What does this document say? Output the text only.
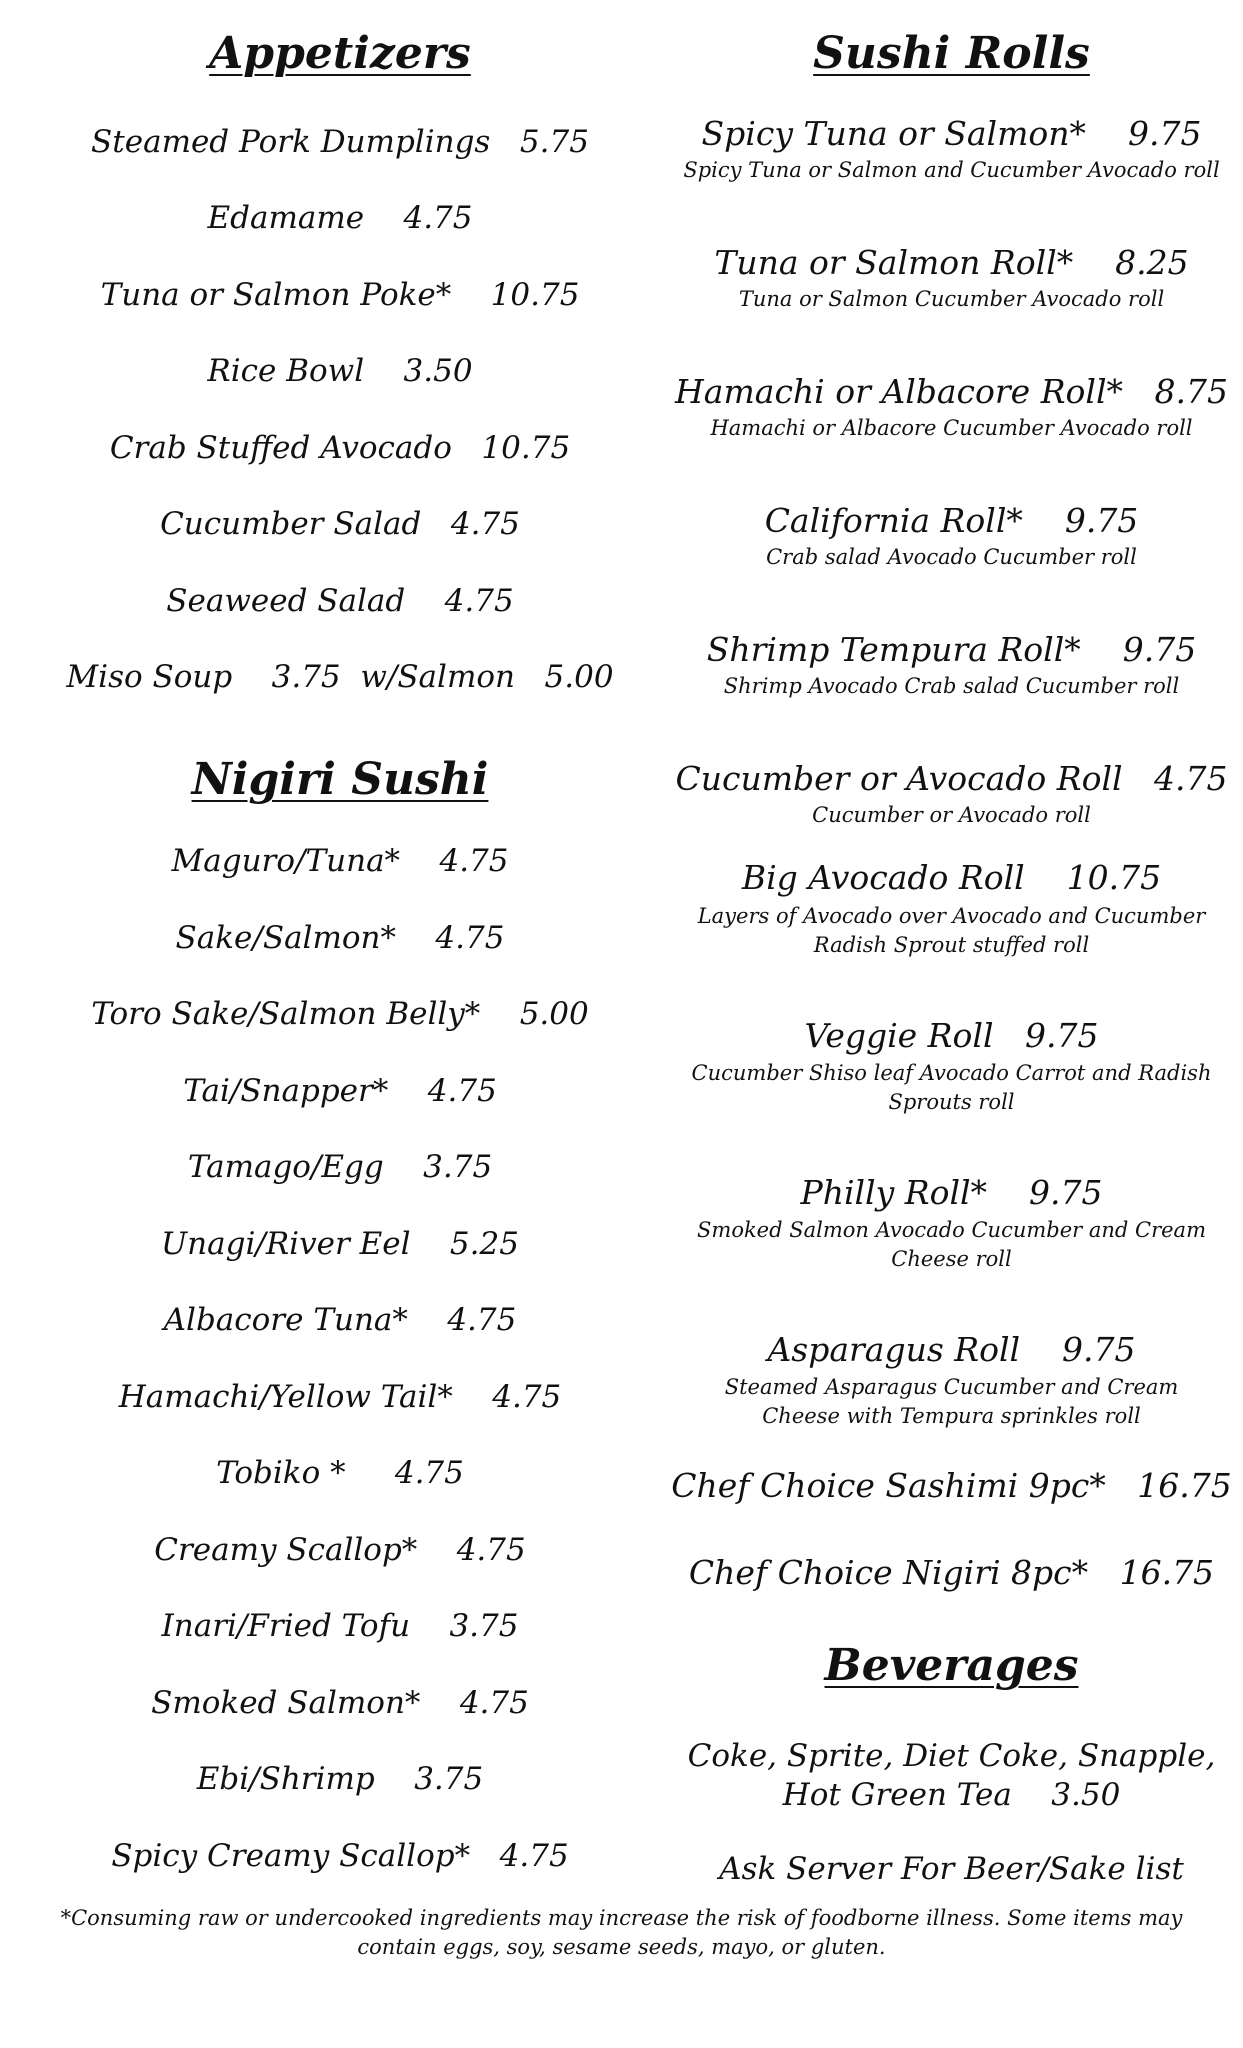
Appetizers
Steamed Pork Dumplings   5.75
Edamame    4.75
Tuna or Salmon Poke*    10.75
Rice Bowl    3.50
Crab Stuffed Avocado   10.75
Cucumber Salad   4.75
Seaweed Salad    4.75
Miso Soup    3.75  w/Salmon   5.00
Nigiri Sushi
Maguro/Tuna*    4.75
Sake/Salmon*    4.75
Toro Sake/Salmon Belly*    5.00
Tai/Snapper*    4.75
Tamago/Egg    3.75
Unagi/River Eel    5.25
Albacore Tuna*    4.75
Hamachi/Yellow Tail*    4.75
Tobiko *     4.75
Creamy Scallop*    4.75
Inari/Fried Tofu    3.75
Smoked Salmon*    4.75
Ebi/Shrimp    3.75
Spicy Creamy Scallop*   4.75
Sushi Rolls
Spicy Tuna or Salmon*    9.75
Spicy Tuna or Salmon and Cucumber Avocado roll
Tuna or Salmon Roll*    8.25
Tuna or Salmon Cucumber Avocado roll
Hamachi or Albacore Roll*   8.75
Hamachi or Albacore Cucumber Avocado roll
California Roll*    9.75
Crab salad Avocado Cucumber roll
Shrimp Tempura Roll*    9.75
Shrimp Avocado Crab salad Cucumber roll
Cucumber or Avocado Roll   4.75
Cucumber or Avocado roll
Big Avocado Roll    10.75
Layers of Avocado over Avocado and Cucumber Radish Sprout stuffed roll
Veggie Roll   9.75
Cucumber Shiso leaf Avocado Carrot and Radish Sprouts roll
Philly Roll*    9.75
Smoked Salmon Avocado Cucumber and Cream Cheese roll
Asparagus Roll    9.75
Steamed Asparagus Cucumber and Cream Cheese with Tempura sprinkles roll
Chef Choice Sashimi 9pc*   16.75
Chef Choice Nigiri 8pc*   16.75
Beverages
Coke, Sprite, Diet Coke, Snapple,
Hot Green Tea    3.50
Ask Server For Beer/Sake list
*Consuming raw or undercooked ingredients may increase the risk of foodborne illness. Some items may contain eggs, soy, sesame seeds, mayo, or gluten.
